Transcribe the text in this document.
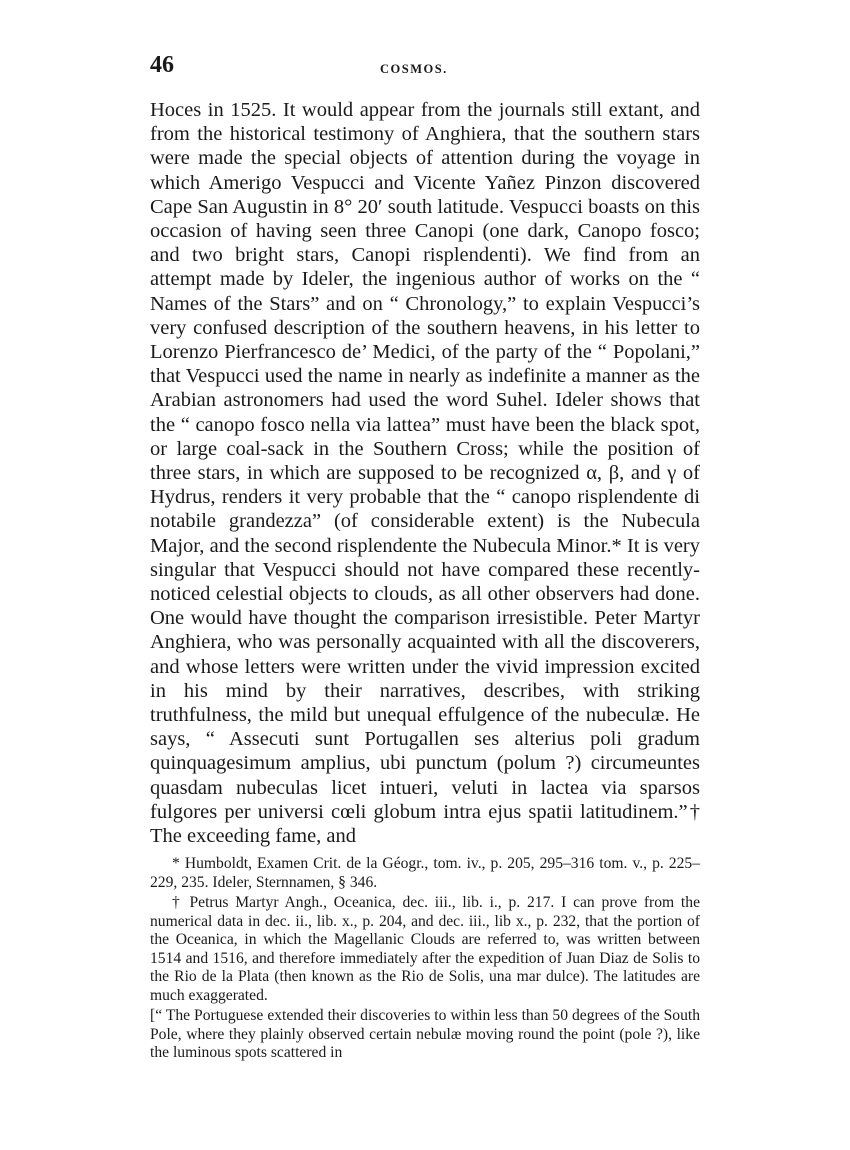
46	COSMOS.

Hoces in 1525. It would appear from the journals still extant, and from the historical testimony of Anghiera, that the southern stars were made the special objects of attention during the voyage in which Amerigo Vespucci and Vicente Yañez Pinzon discovered Cape San Augustin in 8° 20′ south latitude. Vespucci boasts on this occasion of having seen three Canopi (one dark, Canopo fosco; and two bright stars, Canopi risplendenti). We find from an attempt made by Ideler, the ingenious author of works on the “ Names of the Stars” and on “ Chronology,” to explain Vespucci’s very confused description of the southern heavens, in his letter to Lorenzo Pierfrancesco de’ Medici, of the party of the “ Popolani,” that Vespucci used the name in nearly as indefinite a manner as the Arabian astronomers had used the word Suhel. Ideler shows that the “ canopo fosco nella via lattea” must have been the black spot, or large coal-sack in the Southern Cross; while the position of three stars, in which are supposed to be recognized α, β, and γ of Hydrus, renders it very probable that the “ canopo risplendente di notabile grandezza” (of considerable extent) is the Nubecula Major, and the second risplendente the Nubecula Minor.* It is very singular that Vespucci should not have compared these recently-noticed celestial objects to clouds, as all other observers had done. One would have thought the comparison irresistible. Peter Martyr Anghiera, who was personally acquainted with all the discoverers, and whose letters were written under the vivid impression excited in his mind by their narratives, describes, with striking truthfulness, the mild but unequal effulgence of the nubeculæ. He says, “ Assecuti sunt Portugallen ses alterius poli gradum quinquagesimum amplius, ubi punctum (polum ?) circumeuntes quasdam nubeculas licet intueri, veluti in lactea via sparsos fulgores per universi cœli globum intra ejus spatii latitudinem.”† The exceeding fame, and

* Humboldt, Examen Crit. de la Géogr., tom. iv., p. 205, 295–316 tom. v., p. 225–229, 235. Ideler, Sternnamen, § 346.

† Petrus Martyr Angh., Oceanica, dec. iii., lib. i., p. 217. I can prove from the numerical data in dec. ii., lib. x., p. 204, and dec. iii., lib x., p. 232, that the portion of the Oceanica, in which the Magellanic Clouds are referred to, was written between 1514 and 1516, and therefore immediately after the expedition of Juan Diaz de Solis to the Rio de la Plata (then known as the Rio de Solis, una mar dulce). The latitudes are much exaggerated.

[“ The Portuguese extended their discoveries to within less than 50 degrees of the South Pole, where they plainly observed certain nebulæ moving round the point (pole ?), like the luminous spots scattered in
